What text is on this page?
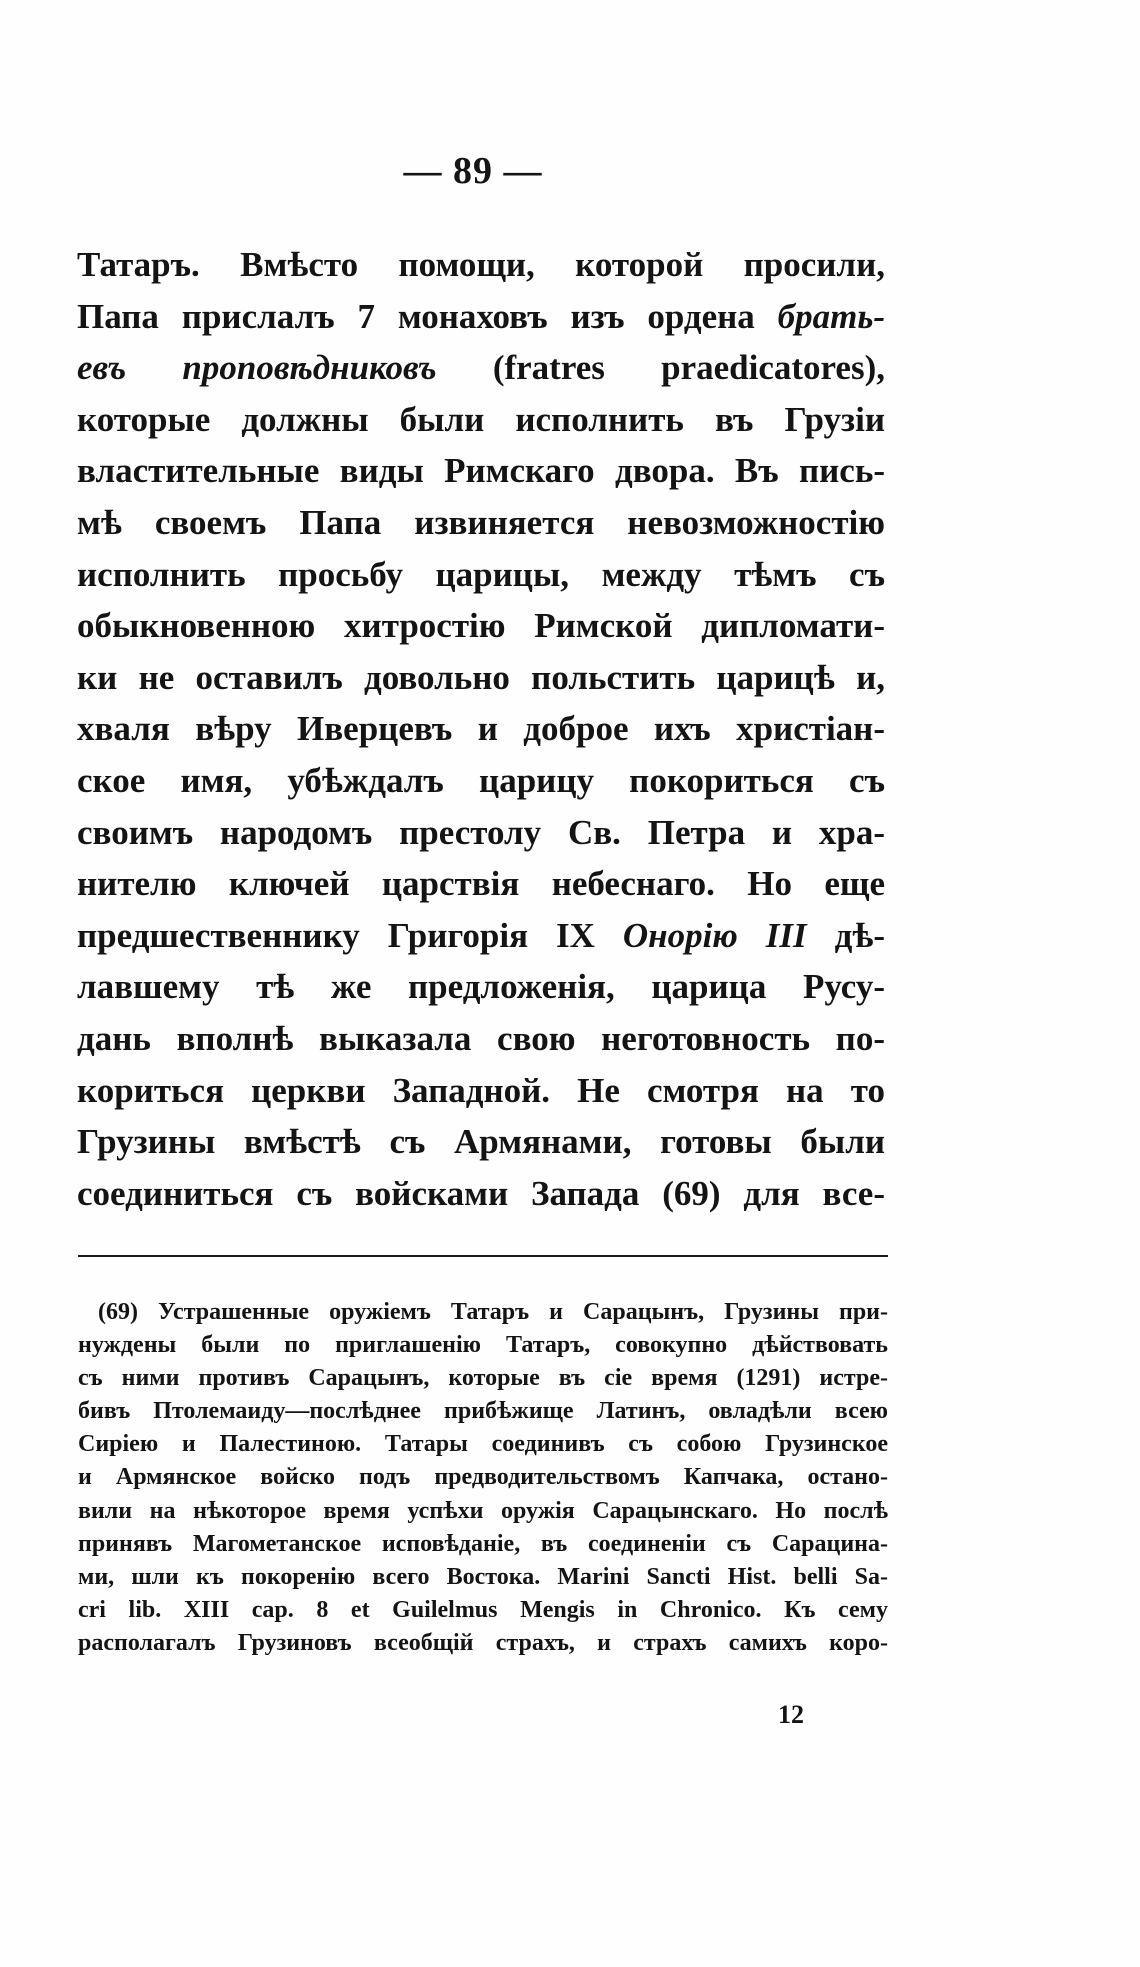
— 89 —
Татаръ. Вмѣсто помощи, которой просили,
Папа прислалъ 7 монаховъ изъ ордена брать-
евъ проповѣдниковъ (fratres praedicatores),
которые должны были исполнить въ Грузіи
властительные виды Римскаго двора. Въ пись-
мѣ своемъ Папа извиняется невозможностію
исполнить просьбу царицы, между тѣмъ съ
обыкновенною хитростію Римской дипломати-
ки не оставилъ довольно польстить царицѣ и,
хваля вѣру Иверцевъ и доброе ихъ христіан-
ское имя, убѣждалъ царицу покориться съ
своимъ народомъ престолу Св. Петра и хра-
нителю ключей царствія небеснаго. Но еще
предшественнику Григорія IX Онорію III дѣ-
лавшему тѣ же предложенія, царица Русу-
дань вполнѣ выказала свою неготовность по-
кориться церкви Западной. Не смотря на то
Грузины вмѣстѣ съ Армянами, готовы были
соединиться съ войсками Запада (69) для все-
(69) Устрашенные оружіемъ Татаръ и Сарацынъ, Грузины при-
нуждены были по приглашенію Татаръ, совокупно дѣйствовать
съ ними противъ Сарацынъ, которые въ сіе время (1291) истре-
бивъ Птолемаиду—послѣднее прибѣжище Латинъ, овладѣли всею
Сиріею и Палестиною. Татары соединивъ съ собою Грузинское
и Армянское войско подъ предводительствомъ Капчака, остано-
вили на нѣкоторое время успѣхи оружія Сарацынскаго. Но послѣ
принявъ Магометанское исповѣданіе, въ соединеніи съ Сарацина-
ми, шли къ покоренію всего Востока. Marini Sancti Hist. belli Sa-
cri lib. XIII cap. 8 et Guilelmus Mengis in Chronico. Къ сему
располагалъ Грузиновъ всеобщій страхъ, и страхъ самихъ коро-
12
